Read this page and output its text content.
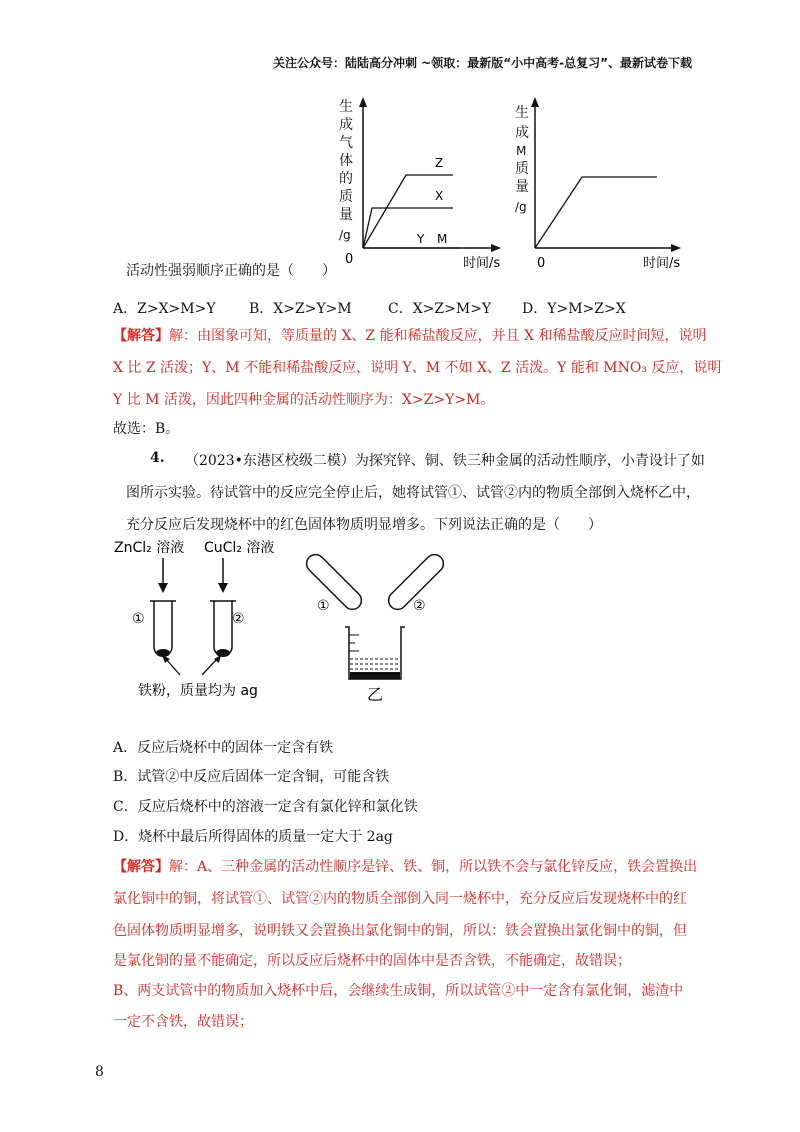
关注公众号：陆陆高分冲刺 ~领取：最新版“小中高考-总复习”、最新试卷下载
生
成
气
体
的
质
量
/g
0	时间/s
Z
X
Y M
生
成
M
质
量
/g
0	时间/s
活动性强弱顺序正确的是（　　）
A．Z>X>M>Y B．X>Z>Y>M	C．X>Z>M>Y D．Y>M>Z>X
【解答】解：由图象可知，等质量的 X、Z 能和稀盐酸反应，并且 X 和稀盐酸反应时间短，说明
X 比 Z 活泼；Y、M 不能和稀盐酸反应，说明 Y、M 不如 X、Z 活泼。Y 能和 MNO₃ 反应，说明
Y 比 M 活泼，因此四种金属的活动性顺序为：X>Z>Y>M。
故选：B。
4. （2023•东港区校级二模）为探究锌、铜、铁三种金属的活动性顺序，小青设计了如
图所示实验。待试管中的反应完全停止后，她将试管①、试管②内的物质全部倒入烧杯乙中，
充分反应后发现烧杯中的红色固体物质明显增多。下列说法正确的是（　　）
ZnCl₂ 溶液 CuCl₂ 溶液
①	②
铁粉，质量均为 ag
①	②
乙
A．反应后烧杯中的固体一定含有铁
B．试管②中反应后固体一定含铜，可能含铁
C．反应后烧杯中的溶液一定含有氯化锌和氯化铁
D．烧杯中最后所得固体的质量一定大于 2ag
【解答】解：A、三种金属的活动性顺序是锌、铁、铜，所以铁不会与氯化锌反应，铁会置换出
氯化铜中的铜，将试管①、试管②内的物质全部倒入同一烧杯中，充分反应后发现烧杯中的红
色固体物质明显增多，说明铁又会置换出氯化铜中的铜，所以：铁会置换出氯化铜中的铜，但
是氯化铜的量不能确定，所以反应后烧杯中的固体中是否含铁，不能确定，故错误；
B、两支试管中的物质加入烧杯中后，会继续生成铜，所以试管②中一定含有氯化铜，滤渣中
一定不含铁，故错误；
8
